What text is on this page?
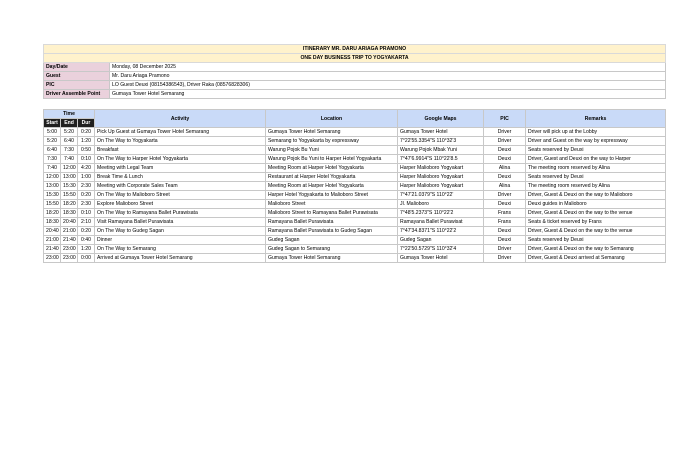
ITINERARY MR. DARU ARIAGA PRAMONO	
ONE DAY BUSINESS TRIP TO YOGYAKARTA	
Day/Date	Monday, 08 December 2025
Guest	Mr. Daru Ariaga Pramono
PIC	LO Guest Deuxi (08154386543), Driver Raka (08576828306)
Driver Assemble Point	Gumaya Tower Hotel Semarang
Time			Activity	Location	Google Maps	PIC	Remarks
Start	End	Dur					
5:00	5:20	0:20	Pick Up Guest at Gumaya Tower Hotel Semarang	Gumaya Tower Hotel Semarang	Gumaya Tower Hotel	Driver	Driver will pick up at the Lobby
5:20	6:40	1:20	On The Way to Yogyakarta	Semarang to Yogyakarta by expressway	7°22'55.3354"S 110°32'3	Driver	Driver and Guest on the way by expressway
6:40	7:30	0:50	Breakfast	Warung Pojok Bu Yuni	Warung Pojok Mbak Yuni	Deuxi	Seats reserved by Deuxi
7:30	7:40	0:10	On The Way to Harper Hotel Yogyakarta	Warung Pojok Bu Yuni to Harper Hotel Yogyakarta	7°47'6.9914"S 110°22'8.5	Deuxi	Driver, Guest and Deuxi on the way to Harper
7:40	12:00	4:20	Meeting with Legal Team	Meeting Room at Harper Hotel Yogyakarta	Harper Malioboro Yogyakart	Alina	The meeting room reserved by Alina
12:00	13:00	1:00	Break Time & Lunch	Restaurant at Harper Hotel Yogyakarta	Harper Malioboro Yogyakart	Deuxi	Seats reserved by Deuxi
13:00	15:30	2:30	Meeting with Corporate Sales Team	Meeting Room at Harper Hotel Yogyakarta	Harper Malioboro Yogyakart	Alina	The meeting room reserved by Alina
15:30	15:50	0:20	On The Way to Malioboro Street	Harper Hotel Yogyakarta to Malioboro Street	7°47'21.0379"S 110°22'	Driver	Driver, Guest & Deuxi on the way to Malioboro
15:50	18:20	2:30	Explore Malioboro Street	Malioboro Street	Jl. Malioboro	Deuxi	Deuxi guides in Malioboro
18:20	18:30	0:10	On The Way to Ramayana Ballet Purawisata	Malioboro Street to Ramayana Ballet Purawisata	7°48'5.2373"S 110°22'2	Frans	Driver, Guest & Deuxi on the way to the venue
18:30	20:40	2:10	Visit Ramayana Ballet Purawisata	Ramayana Ballet Purawisata	Ramayana Ballet Purawisat	Frans	Seats & ticket reserved by Frans
20:40	21:00	0:20	On The Way to Gudeg Sagan	Ramayana Ballet Purawisata to Gudeg Sagan	7°47'34.8371"S 110°22'2	Deuxi	Driver, Guest & Deuxi on the way to the venue
21:00	21:40	0:40	Dinner	Gudeg Sagan	Gudeg Sagan	Deuxi	Seats reserved by Deuxi
21:40	23:00	1:20	On The Way to Semarang	Gudeg Sagan to Semarang	7°22'50.5729"S 110°32'4	Driver	Driver, Guest & Deuxi on the way to Semarang
23:00	23:00	0:00	Arrived at Gumaya Tower Hotel Semarang	Gumaya Tower Hotel Semarang	Gumaya Tower Hotel	Driver	Driver, Guest & Deuxi arrived at Semarang
